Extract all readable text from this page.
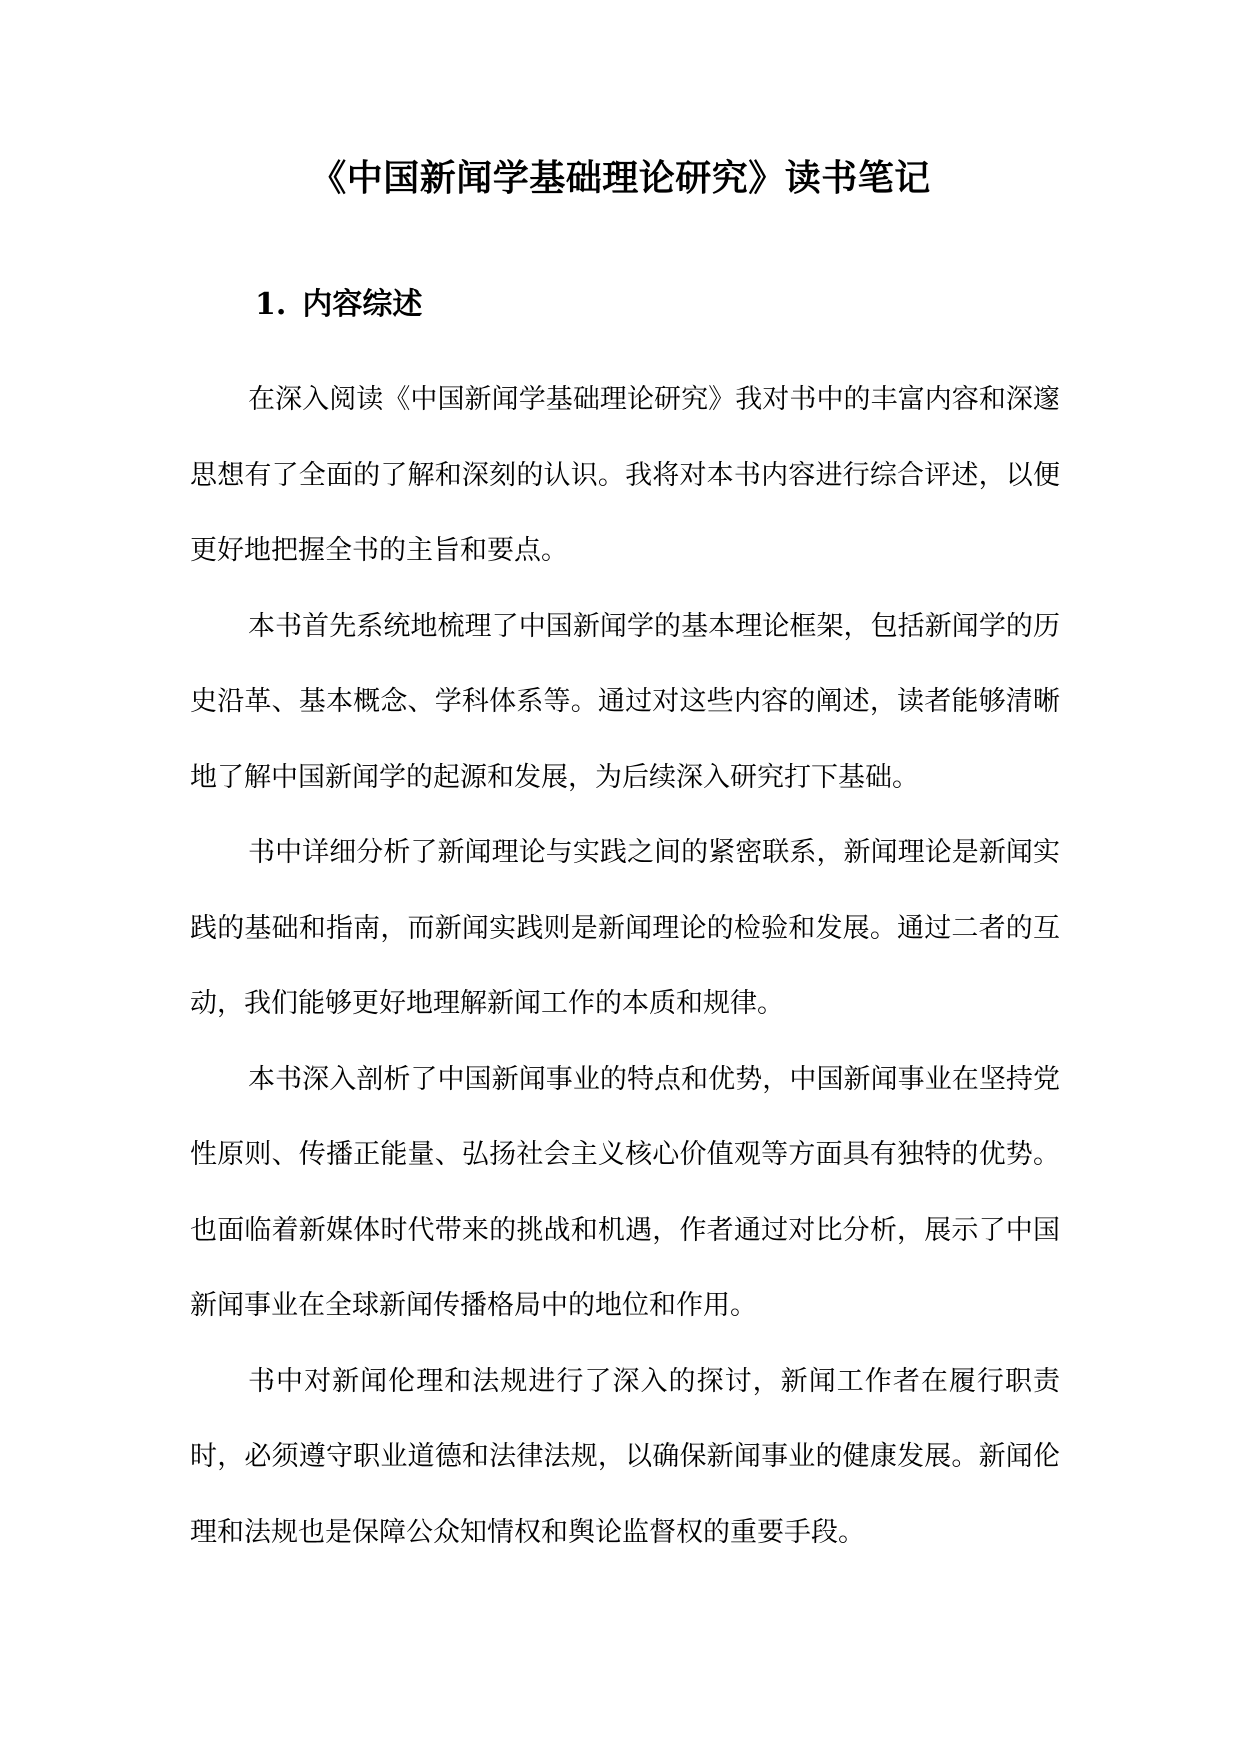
《中国新闻学基础理论研究》读书笔记
1. 内容综述

在深入阅读《中国新闻学基础理论研究》我对书中的丰富内容和深邃思想有了全面的了解和深刻的认识。我将对本书内容进行综合评述，以便更好地把握全书的主旨和要点。

本书首先系统地梳理了中国新闻学的基本理论框架，包括新闻学的历史沿革、基本概念、学科体系等。通过对这些内容的阐述，读者能够清晰地了解中国新闻学的起源和发展，为后续深入研究打下基础。

书中详细分析了新闻理论与实践之间的紧密联系，新闻理论是新闻实践的基础和指南，而新闻实践则是新闻理论的检验和发展。通过二者的互动，我们能够更好地理解新闻工作的本质和规律。

本书深入剖析了中国新闻事业的特点和优势，中国新闻事业在坚持党性原则、传播正能量、弘扬社会主义核心价值观等方面具有独特的优势。也面临着新媒体时代带来的挑战和机遇，作者通过对比分析，展示了中国新闻事业在全球新闻传播格局中的地位和作用。

书中对新闻伦理和法规进行了深入的探讨，新闻工作者在履行职责时，必须遵守职业道德和法律法规，以确保新闻事业的健康发展。新闻伦理和法规也是保障公众知情权和舆论监督权的重要手段。
